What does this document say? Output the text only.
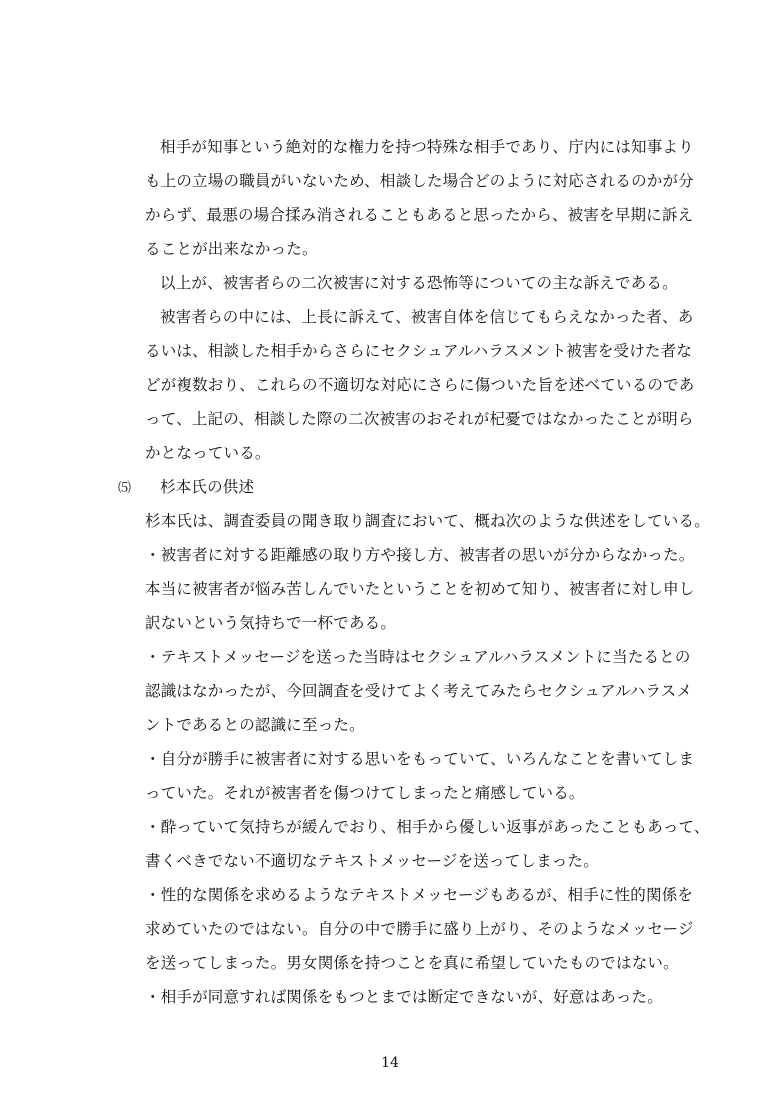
相手が知事という絶対的な権力を持つ特殊な相手であり、庁内には知事より
も上の立場の職員がいないため、相談した場合どのように対応されるのかが分
からず、最悪の場合揉み消されることもあると思ったから、被害を早期に訴え
ることが出来なかった。
以上が、被害者らの二次被害に対する恐怖等についての主な訴えである。
被害者らの中には、上長に訴えて、被害自体を信じてもらえなかった者、あ
るいは、相談した相手からさらにセクシュアルハラスメント被害を受けた者な
どが複数おり、これらの不適切な対応にさらに傷ついた旨を述べているのであ
って、上記の、相談した際の二次被害のおそれが杞憂ではなかったことが明ら
かとなっている。
⑸ 杉本氏の供述
杉本氏は、調査委員の聞き取り調査において、概ね次のような供述をしている。
・被害者に対する距離感の取り方や接し方、被害者の思いが分からなかった。
本当に被害者が悩み苦しんでいたということを初めて知り、被害者に対し申し
訳ないという気持ちで一杯である。
・テキストメッセージを送った当時はセクシュアルハラスメントに当たるとの
認識はなかったが、今回調査を受けてよく考えてみたらセクシュアルハラスメ
ントであるとの認識に至った。
・自分が勝手に被害者に対する思いをもっていて、いろんなことを書いてしま
っていた。それが被害者を傷つけてしまったと痛感している。
・酔っていて気持ちが緩んでおり、相手から優しい返事があったこともあって、
書くべきでない不適切なテキストメッセージを送ってしまった。
・性的な関係を求めるようなテキストメッセージもあるが、相手に性的関係を
求めていたのではない。自分の中で勝手に盛り上がり、そのようなメッセージ
を送ってしまった。男女関係を持つことを真に希望していたものではない。
・相手が同意すれば関係をもつとまでは断定できないが、好意はあった。
14
